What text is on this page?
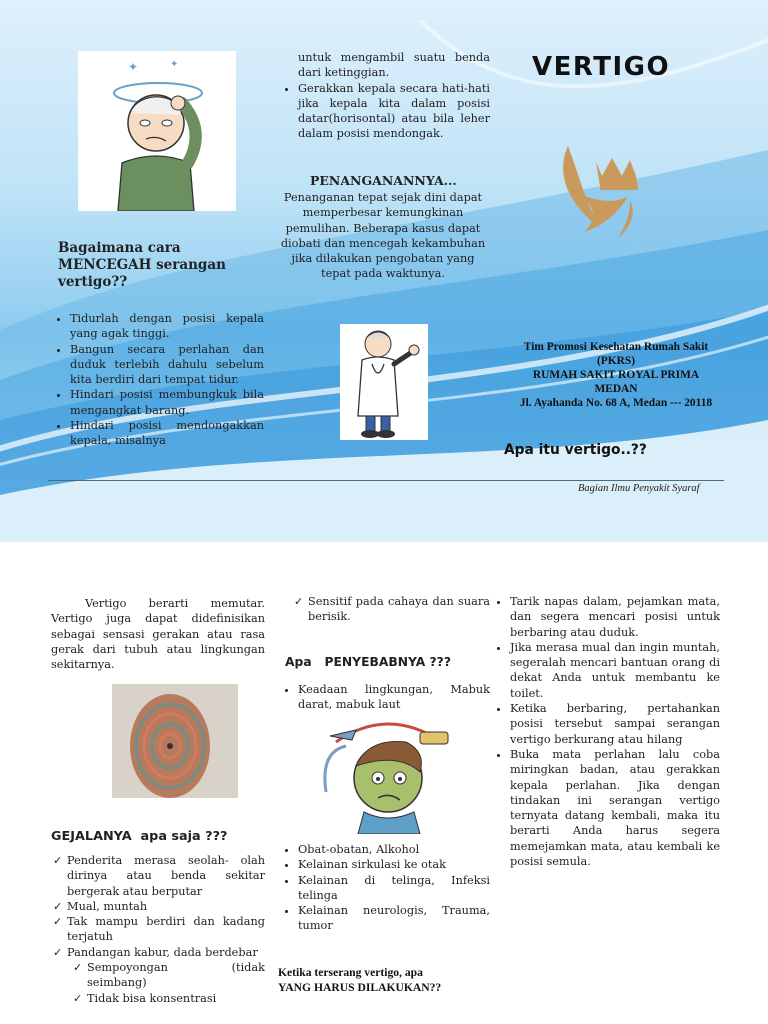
✦	✦
Bagaimana cara
MENCEGAH serangan
vertigo??
• Tidurlah dengan posisi kepala yang agak tinggi.
• Bangun secara perlahan dan duduk terlebih dahulu sebelum kita berdiri dari tempat tidur.
• Hindari posisi membungkuk bila mengangkat barang.
• Hindari posisi mendongakkan kepala, misalnya
untuk mengambil suatu benda dari ketinggian.
• Gerakkan kepala secara hati-hati jika kepala kita dalam posisi datar(horisontal) atau bila leher dalam posisi mendongak.
PENANGANANNYA...
Penanganan tepat sejak dini dapat memperbesar kemungkinan pemulihan. Beberapa kasus dapat diobati dan mencegah kekambuhan jika dilakukan pengobatan yang tepat pada waktunya.
VERTIGO
Tim Promosi Kesehatan Rumah Sakit
(PKRS)
RUMAH SAKIT ROYAL PRIMA
MEDAN
Jl. Ayahanda No. 68 A, Medan --- 20118
Apa itu vertigo..??
Bagian Ilmu Penyakit Syaraf
Vertigo berarti memutar. Vertigo juga dapat didefinisikan sebagai sensasi gerakan atau rasa gerak dari tubuh atau lingkungan sekitarnya.
GEJALANYA  apa saja ???
✓ Penderita merasa seolah- olah dirinya atau benda sekitar bergerak atau berputar
✓ Mual, muntah
✓ Tak mampu berdiri dan kadang terjatuh
✓ Pandangan kabur, dada berdebar
✓ Sempoyongan (tidak seimbang)
✓ Tidak bisa konsentrasi
✓ Sensitif pada cahaya dan suara berisik.
Apa   PENYEBABNYA ???
• Keadaan lingkungan, Mabuk darat, mabuk laut
• Obat-obatan, Alkohol
• Kelainan sirkulasi ke otak
• Kelainan di telinga, Infeksi telinga
• Kelainan neurologis, Trauma, tumor
Ketika terserang vertigo, apa
YANG HARUS DILAKUKAN??
• Tarik napas dalam, pejamkan mata, dan segera mencari posisi untuk berbaring atau duduk.
• Jika merasa mual dan ingin muntah, segeralah mencari bantuan orang di dekat Anda untuk membantu ke toilet.
• Ketika berbaring, pertahankan posisi tersebut sampai serangan vertigo berkurang atau hilang
• Buka mata perlahan lalu coba miringkan badan, atau gerakkan kepala perlahan. Jika dengan tindakan ini serangan vertigo ternyata datang kembali, maka itu berarti Anda harus segera memejamkan mata, atau kembali ke posisi semula.
